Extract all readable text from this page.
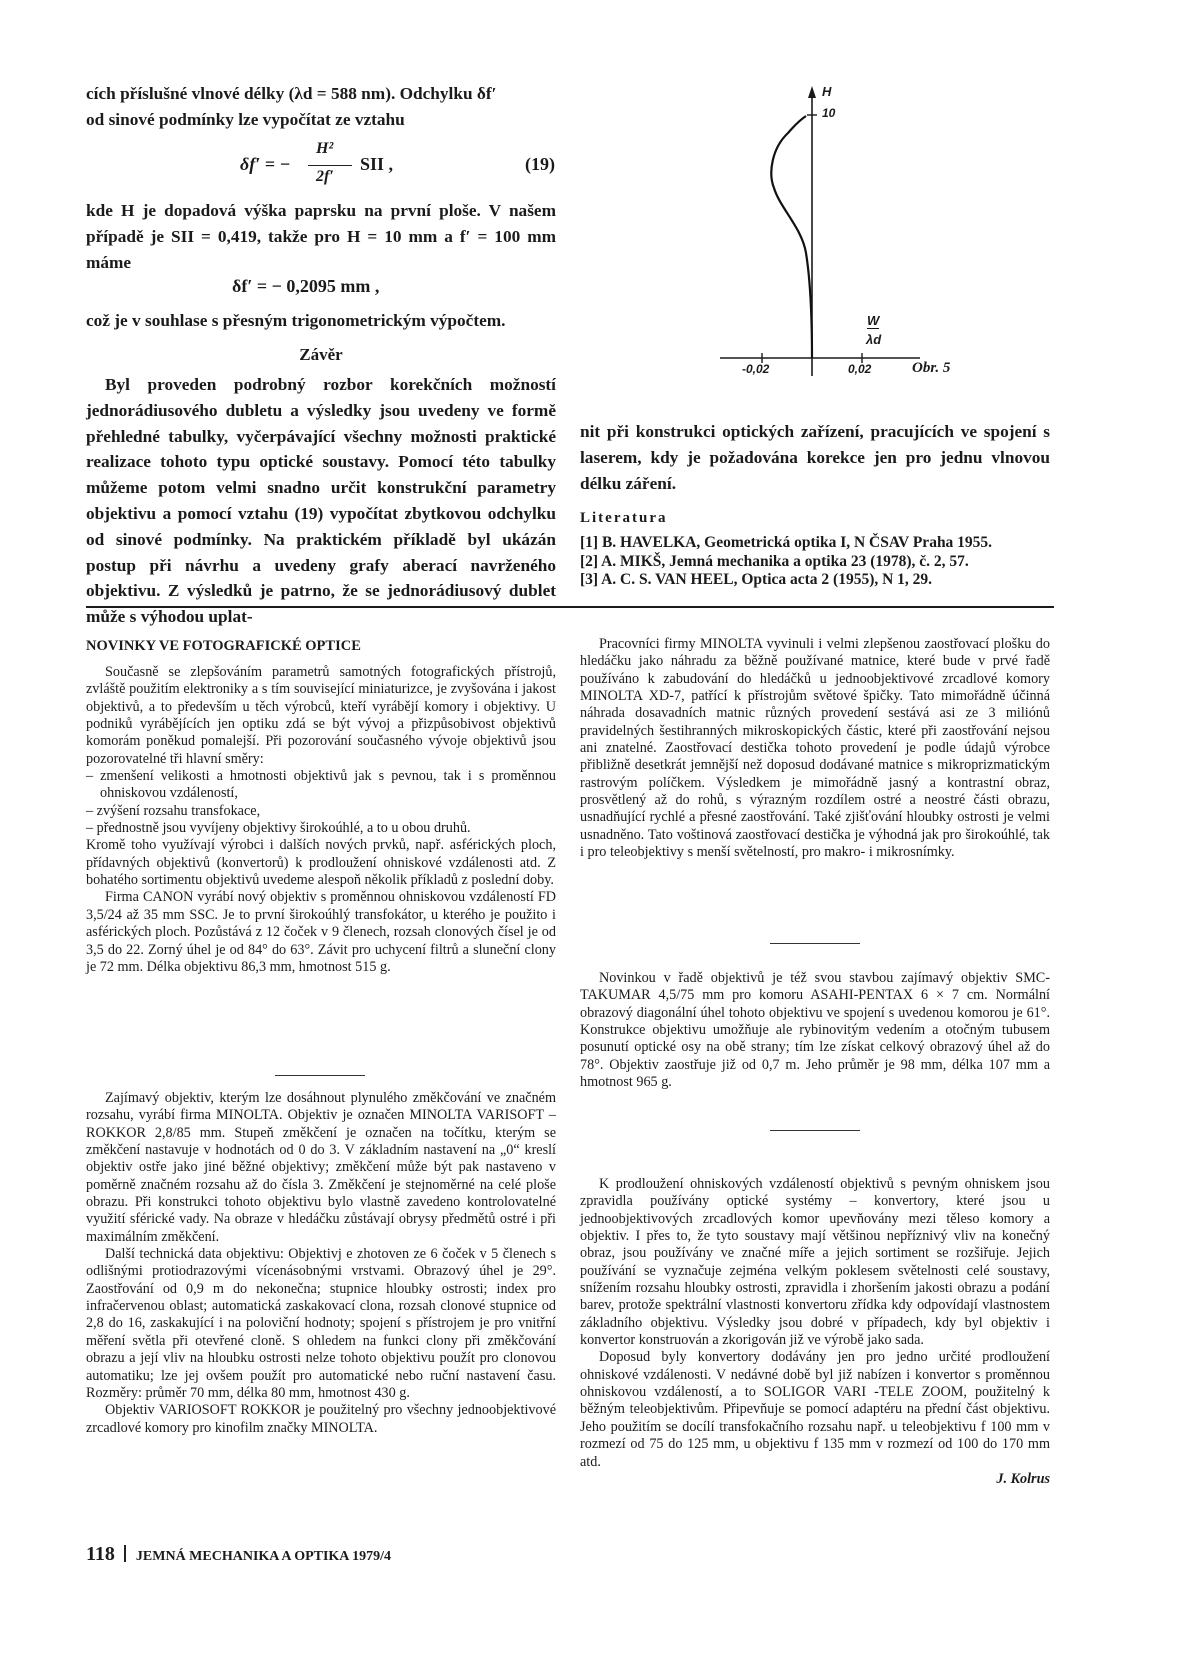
cích příslušné vlnové délky (λd = 588 nm). Odchylku δf′

od sinové podmínky lze vypočítat ze vztahu

δf′ = −
H²
2f′
SII ,	(19)

kde H je dopadová výška paprsku na první ploše. V našem případě je SII = 0,419, takže pro H = 10 mm a f′ = 100 mm máme

δf′ = − 0,2095 mm ,

což je v souhlase s přesným trigonometrickým výpočtem.

Závěr

Byl proveden podrobný rozbor korekčních možností jednorádiusového dubletu a výsledky jsou uvedeny ve formě přehledné tabulky, vyčerpávající všechny možnosti praktické realizace tohoto typu optické soustavy. Pomocí této tabulky můžeme potom velmi snadno určit konstrukční parametry objektivu a pomocí vztahu (19) vypočítat zbytkovou odchylku od sinové podmínky. Na praktickém příkladě byl ukázán postup při návrhu a uvedeny grafy aberací navrženého objektivu. Z výsledků je patrno, že se jednorádiusový dublet může s výhodou uplat-

H
10
W
λd
-0,02	0,02	Obr. 5

nit při konstrukci optických zařízení, pracujících ve spojení s laserem, kdy je požadována korekce jen pro jednu vlnovou délku záření.

Literatura

[1] B. HAVELKA, Geometrická optika I, N ČSAV Praha 1955.

[2] A. MIKŠ, Jemná mechanika a optika 23 (1978), č. 2, 57.

[3] A. C. S. VAN HEEL, Optica acta 2 (1955), N 1, 29.

NOVINKY VE FOTOGRAFICKÉ OPTICE

Současně se zlepšováním parametrů samotných fotografických přístrojů, zvláště použitím elektroniky a s tím související miniaturizce, je zvyšována i jakost objektivů, a to především u těch výrobců, kteří vyrábějí komory i objektivy. U podniků vyrábějících jen optiku zdá se být vývoj a přizpůsobivost objektivů komorám poněkud pomalejší. Při pozorování současného vývoje objektivů jsou pozorovatelné tři hlavní směry:

– zmenšení velikosti a hmotnosti objektivů jak s pevnou, tak i s proměnnou ohniskovou vzdáleností,

– zvýšení rozsahu transfokace,

– přednostně jsou vyvíjeny objektivy širokoúhlé, a to u obou druhů.

Kromě toho využívají výrobci i dalších nových prvků, např. asférických ploch, přídavných objektivů (konvertorů) k prodloužení ohniskové vzdálenosti atd. Z bohatého sortimentu objektivů uvedeme alespoň několik příkladů z poslední doby.

Firma CANON vyrábí nový objektiv s proměnnou ohniskovou vzdáleností FD 3,5/24 až 35 mm SSC. Je to první širokoúhlý transfokátor, u kterého je použito i asférických ploch. Pozůstává z 12 čoček v 9 členech, rozsah clonových čísel je od 3,5 do 22. Zorný úhel je od 84° do 63°. Závit pro uchycení filtrů a sluneční clony je 72 mm. Délka objektivu 86,3 mm, hmotnost 515 g.

Zajímavý objektiv, kterým lze dosáhnout plynulého změkčování ve značném rozsahu, vyrábí firma MINOLTA. Objektiv je označen MINOLTA VARISOFT – ROKKOR 2,8/85 mm. Stupeň změkčení je označen na točítku, kterým se změkčení nastavuje v hodnotách od 0 do 3. V základním nastavení na „0“ kreslí objektiv ostře jako jiné běžné objektivy; změkčení může být pak nastaveno v poměrně značném rozsahu až do čísla 3. Změkčení je stejnoměrné na celé ploše obrazu. Při konstrukci tohoto objektivu bylo vlastně zavedeno kontrolovatelné využití sférické vady. Na obraze v hledáčku zůstávají obrysy předmětů ostré i při maximálním změkčení.

Další technická data objektivu: Objektivj e zhotoven ze 6 čoček v 5 členech s odlišnými protiodrazovými vícenásobnými vrstvami. Obrazový úhel je 29°. Zaostřování od 0,9 m do nekonečna; stupnice hloubky ostrosti; index pro infračervenou oblast; automatická zaskakovací clona, rozsah clonové stupnice od 2,8 do 16, zaskakující i na poloviční hodnoty; spojení s přístrojem je pro vnitřní měření světla při otevřené cloně. S ohledem na funkci clony při změkčování obrazu a její vliv na hloubku ostrosti nelze tohoto objektivu použít pro clonovou automatiku; lze jej ovšem použít pro automatické nebo ruční nastavení času. Rozměry: průměr 70 mm, délka 80 mm, hmotnost 430 g.

Objektiv VARIOSOFT ROKKOR je použitelný pro všechny jednoobjektivové zrcadlové komory pro kinofilm značky MINOLTA.

Pracovníci firmy MINOLTA vyvinuli i velmi zlepšenou zaostřovací plošku do hledáčku jako náhradu za běžně používané matnice, které bude v prvé řadě používáno k zabudování do hledáčků u jednoobjektivové zrcadlové komory MINOLTA XD-7, patřící k přístrojům světové špičky. Tato mimořádně účinná náhrada dosavadních matnic různých provedení sestává asi ze 3 miliónů pravidelných šestihranných mikroskopických částic, které při zaostřování nejsou ani znatelné. Zaostřovací destička tohoto provedení je podle údajů výrobce přibližně desetkrát jemnější než doposud dodávané matnice s mikroprizmatickým rastrovým políčkem. Výsledkem je mimořádně jasný a kontrastní obraz, prosvětlený až do rohů, s výrazným rozdílem ostré a neostré části obrazu, usnadňující rychlé a přesné zaostřování. Také zjišťování hloubky ostrosti je velmi usnadněno. Tato voštinová zaostřovací destička je výhodná jak pro širokoúhlé, tak i pro teleobjektivy s menší světelností, pro makro- i mikrosnímky.

Novinkou v řadě objektivů je též svou stavbou zajímavý objektiv SMC-TAKUMAR 4,5/75 mm pro komoru ASAHI-PENTAX 6 × 7 cm. Normální obrazový diagonální úhel tohoto objektivu ve spojení s uvedenou komorou je 61°. Konstrukce objektivu umožňuje ale rybinovitým vedením a otočným tubusem posunutí optické osy na obě strany; tím lze získat celkový obrazový úhel až do 78°. Objektiv zaostřuje již od 0,7 m. Jeho průměr je 98 mm, délka 107 mm a hmotnost 965 g.

K prodloužení ohniskových vzdáleností objektivů s pevným ohniskem jsou zpravidla používány optické systémy – konvertory, které jsou u jednoobjektivových zrcadlových komor upevňovány mezi těleso komory a objektiv. I přes to, že tyto soustavy mají většinou nepříznivý vliv na konečný obraz, jsou používány ve značné míře a jejich sortiment se rozšiřuje. Jejich používání se vyznačuje zejména velkým poklesem světelnosti celé soustavy, snížením rozsahu hloubky ostrosti, zpravidla i zhoršením jakosti obrazu a podání barev, protože spektrální vlastnosti konvertoru zřídka kdy odpovídají vlastnostem základního objektivu. Výsledky jsou dobré v případech, kdy byl objektiv i konvertor konstruován a zkorigován již ve výrobě jako sada.

Doposud byly konvertory dodávány jen pro jedno určité prodloužení ohniskové vzdálenosti. V nedávné době byl již nabízen i konvertor s proměnnou ohniskovou vzdáleností, a to SOLIGOR VARI -TELE ZOOM, použitelný k běžným teleobjektivům. Připevňuje se pomocí adaptéru na přední část objektivu. Jeho použitím se docílí transfokačního rozsahu např. u teleobjektivu f 100 mm v rozmezí od 75 do 125 mm, u objektivu f 135 mm v rozmezí od 100 do 170 mm atd.

J. Kolrus

118 JEMNÁ MECHANIKA A OPTIKA 1979/4
